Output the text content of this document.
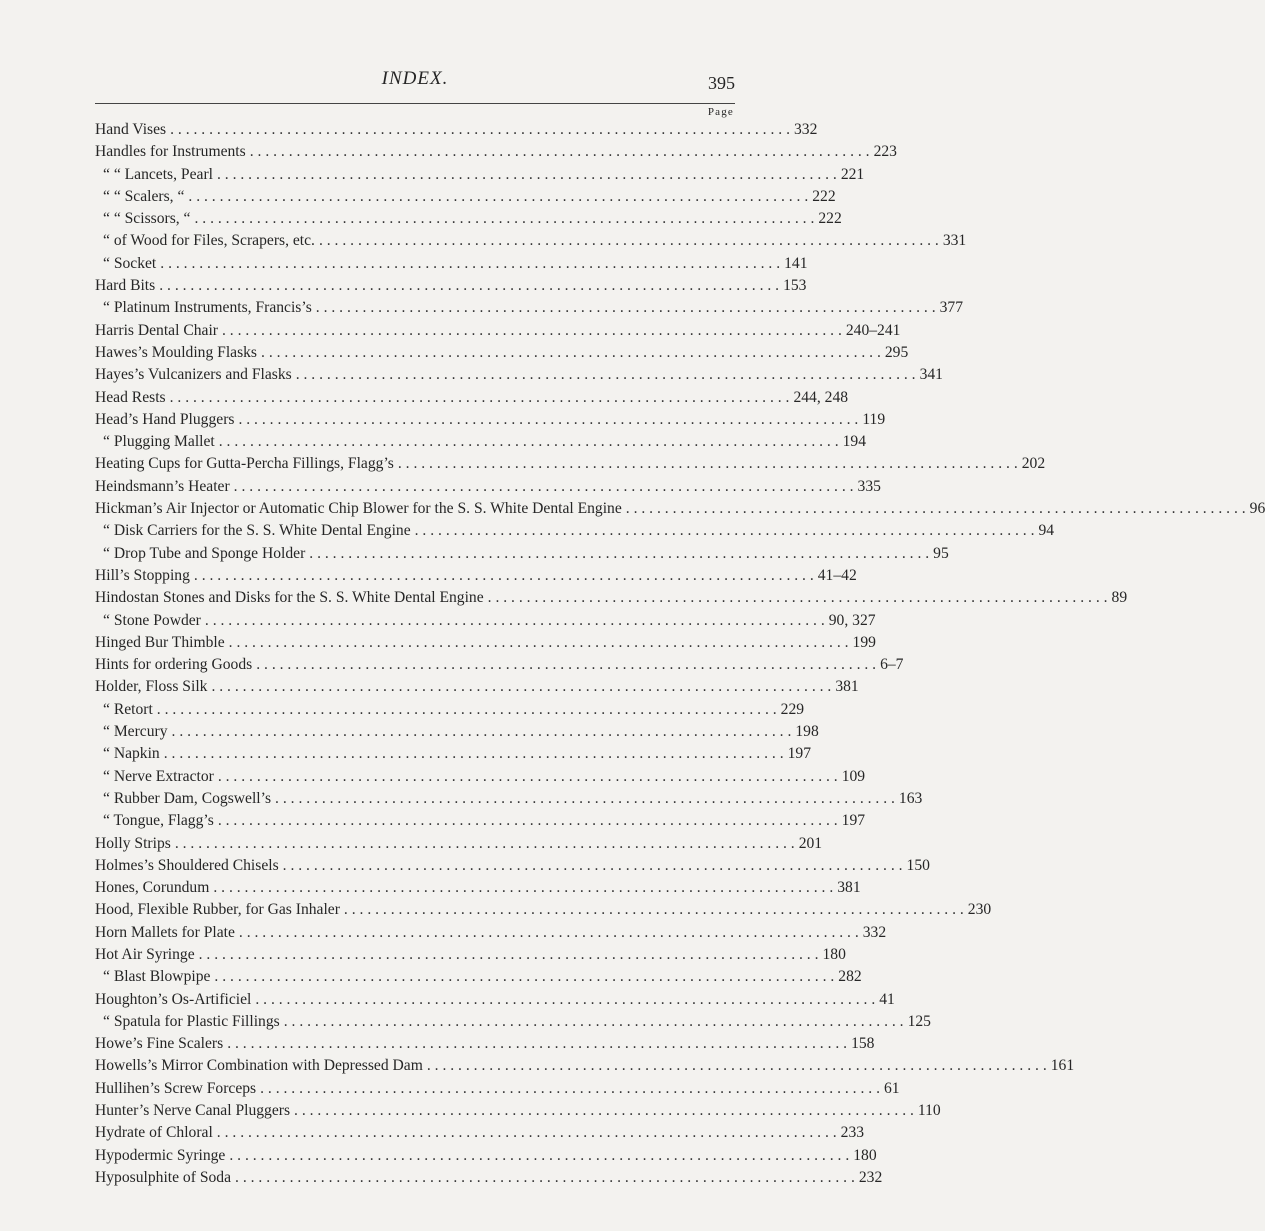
INDEX.	395
Page
Hand Vises . . . . . . . . . . . . . . . . . . . . . . . . . . . . . . . . . . . . . . . . . . . . . . . . . . . . . . . . . . . . . . . . . . . . . . . . . . . . . . . . 332
Handles for Instruments . . . . . . . . . . . . . . . . . . . . . . . . . . . . . . . . . . . . . . . . . . . . . . . . . . . . . . . . . . . . . . . . . . . . . . . . . . . . . . . . 223
“ “ Lancets, Pearl . . . . . . . . . . . . . . . . . . . . . . . . . . . . . . . . . . . . . . . . . . . . . . . . . . . . . . . . . . . . . . . . . . . . . . . . . . . . . . . . 221
“ “ Scalers, “ . . . . . . . . . . . . . . . . . . . . . . . . . . . . . . . . . . . . . . . . . . . . . . . . . . . . . . . . . . . . . . . . . . . . . . . . . . . . . . . . 222
“ “ Scissors, “ . . . . . . . . . . . . . . . . . . . . . . . . . . . . . . . . . . . . . . . . . . . . . . . . . . . . . . . . . . . . . . . . . . . . . . . . . . . . . . . . 222
“ of Wood for Files, Scrapers, etc. . . . . . . . . . . . . . . . . . . . . . . . . . . . . . . . . . . . . . . . . . . . . . . . . . . . . . . . . . . . . . . . . . . . . . . . . . . . . . . . . 331
“ Socket . . . . . . . . . . . . . . . . . . . . . . . . . . . . . . . . . . . . . . . . . . . . . . . . . . . . . . . . . . . . . . . . . . . . . . . . . . . . . . . . 141
Hard Bits . . . . . . . . . . . . . . . . . . . . . . . . . . . . . . . . . . . . . . . . . . . . . . . . . . . . . . . . . . . . . . . . . . . . . . . . . . . . . . . . 153
“ Platinum Instruments, Francis’s . . . . . . . . . . . . . . . . . . . . . . . . . . . . . . . . . . . . . . . . . . . . . . . . . . . . . . . . . . . . . . . . . . . . . . . . . . . . . . . . 377
Harris Dental Chair . . . . . . . . . . . . . . . . . . . . . . . . . . . . . . . . . . . . . . . . . . . . . . . . . . . . . . . . . . . . . . . . . . . . . . . . . . . . . . . . 240–241
Hawes’s Moulding Flasks . . . . . . . . . . . . . . . . . . . . . . . . . . . . . . . . . . . . . . . . . . . . . . . . . . . . . . . . . . . . . . . . . . . . . . . . . . . . . . . . 295
Hayes’s Vulcanizers and Flasks . . . . . . . . . . . . . . . . . . . . . . . . . . . . . . . . . . . . . . . . . . . . . . . . . . . . . . . . . . . . . . . . . . . . . . . . . . . . . . . . 341
Head Rests . . . . . . . . . . . . . . . . . . . . . . . . . . . . . . . . . . . . . . . . . . . . . . . . . . . . . . . . . . . . . . . . . . . . . . . . . . . . . . . . 244, 248
Head’s Hand Pluggers . . . . . . . . . . . . . . . . . . . . . . . . . . . . . . . . . . . . . . . . . . . . . . . . . . . . . . . . . . . . . . . . . . . . . . . . . . . . . . . . 119
“ Plugging Mallet . . . . . . . . . . . . . . . . . . . . . . . . . . . . . . . . . . . . . . . . . . . . . . . . . . . . . . . . . . . . . . . . . . . . . . . . . . . . . . . . 194
Heating Cups for Gutta-Percha Fillings, Flagg’s . . . . . . . . . . . . . . . . . . . . . . . . . . . . . . . . . . . . . . . . . . . . . . . . . . . . . . . . . . . . . . . . . . . . . . . . . . . . . . . . 202
Heindsmann’s Heater . . . . . . . . . . . . . . . . . . . . . . . . . . . . . . . . . . . . . . . . . . . . . . . . . . . . . . . . . . . . . . . . . . . . . . . . . . . . . . . . 335
Hickman’s Air Injector or Automatic Chip Blower for the S. S. White Dental Engine . . . . . . . . . . . . . . . . . . . . . . . . . . . . . . . . . . . . . . . . . . . . . . . . . . . . . . . . . . . . . . . . . . . . . . . . . . . . . . . . 96
“ Disk Carriers for the S. S. White Dental Engine . . . . . . . . . . . . . . . . . . . . . . . . . . . . . . . . . . . . . . . . . . . . . . . . . . . . . . . . . . . . . . . . . . . . . . . . . . . . . . . . 94
“ Drop Tube and Sponge Holder . . . . . . . . . . . . . . . . . . . . . . . . . . . . . . . . . . . . . . . . . . . . . . . . . . . . . . . . . . . . . . . . . . . . . . . . . . . . . . . . 95
Hill’s Stopping . . . . . . . . . . . . . . . . . . . . . . . . . . . . . . . . . . . . . . . . . . . . . . . . . . . . . . . . . . . . . . . . . . . . . . . . . . . . . . . . 41–42
Hindostan Stones and Disks for the S. S. White Dental Engine . . . . . . . . . . . . . . . . . . . . . . . . . . . . . . . . . . . . . . . . . . . . . . . . . . . . . . . . . . . . . . . . . . . . . . . . . . . . . . . . 89
“ Stone Powder . . . . . . . . . . . . . . . . . . . . . . . . . . . . . . . . . . . . . . . . . . . . . . . . . . . . . . . . . . . . . . . . . . . . . . . . . . . . . . . . 90, 327
Hinged Bur Thimble . . . . . . . . . . . . . . . . . . . . . . . . . . . . . . . . . . . . . . . . . . . . . . . . . . . . . . . . . . . . . . . . . . . . . . . . . . . . . . . . 199
Hints for ordering Goods . . . . . . . . . . . . . . . . . . . . . . . . . . . . . . . . . . . . . . . . . . . . . . . . . . . . . . . . . . . . . . . . . . . . . . . . . . . . . . . . 6–7
Holder, Floss Silk . . . . . . . . . . . . . . . . . . . . . . . . . . . . . . . . . . . . . . . . . . . . . . . . . . . . . . . . . . . . . . . . . . . . . . . . . . . . . . . . 381
“ Retort . . . . . . . . . . . . . . . . . . . . . . . . . . . . . . . . . . . . . . . . . . . . . . . . . . . . . . . . . . . . . . . . . . . . . . . . . . . . . . . . 229
“ Mercury . . . . . . . . . . . . . . . . . . . . . . . . . . . . . . . . . . . . . . . . . . . . . . . . . . . . . . . . . . . . . . . . . . . . . . . . . . . . . . . . 198
“ Napkin . . . . . . . . . . . . . . . . . . . . . . . . . . . . . . . . . . . . . . . . . . . . . . . . . . . . . . . . . . . . . . . . . . . . . . . . . . . . . . . . 197
“ Nerve Extractor . . . . . . . . . . . . . . . . . . . . . . . . . . . . . . . . . . . . . . . . . . . . . . . . . . . . . . . . . . . . . . . . . . . . . . . . . . . . . . . . 109
“ Rubber Dam, Cogswell’s . . . . . . . . . . . . . . . . . . . . . . . . . . . . . . . . . . . . . . . . . . . . . . . . . . . . . . . . . . . . . . . . . . . . . . . . . . . . . . . . 163
“ Tongue, Flagg’s . . . . . . . . . . . . . . . . . . . . . . . . . . . . . . . . . . . . . . . . . . . . . . . . . . . . . . . . . . . . . . . . . . . . . . . . . . . . . . . . 197
Holly Strips . . . . . . . . . . . . . . . . . . . . . . . . . . . . . . . . . . . . . . . . . . . . . . . . . . . . . . . . . . . . . . . . . . . . . . . . . . . . . . . . 201
Holmes’s Shouldered Chisels . . . . . . . . . . . . . . . . . . . . . . . . . . . . . . . . . . . . . . . . . . . . . . . . . . . . . . . . . . . . . . . . . . . . . . . . . . . . . . . . 150
Hones, Corundum . . . . . . . . . . . . . . . . . . . . . . . . . . . . . . . . . . . . . . . . . . . . . . . . . . . . . . . . . . . . . . . . . . . . . . . . . . . . . . . . 381
Hood, Flexible Rubber, for Gas Inhaler . . . . . . . . . . . . . . . . . . . . . . . . . . . . . . . . . . . . . . . . . . . . . . . . . . . . . . . . . . . . . . . . . . . . . . . . . . . . . . . . 230
Horn Mallets for Plate . . . . . . . . . . . . . . . . . . . . . . . . . . . . . . . . . . . . . . . . . . . . . . . . . . . . . . . . . . . . . . . . . . . . . . . . . . . . . . . . 332
Hot Air Syringe . . . . . . . . . . . . . . . . . . . . . . . . . . . . . . . . . . . . . . . . . . . . . . . . . . . . . . . . . . . . . . . . . . . . . . . . . . . . . . . . 180
“ Blast Blowpipe . . . . . . . . . . . . . . . . . . . . . . . . . . . . . . . . . . . . . . . . . . . . . . . . . . . . . . . . . . . . . . . . . . . . . . . . . . . . . . . . 282
Houghton’s Os-Artificiel . . . . . . . . . . . . . . . . . . . . . . . . . . . . . . . . . . . . . . . . . . . . . . . . . . . . . . . . . . . . . . . . . . . . . . . . . . . . . . . . 41
“ Spatula for Plastic Fillings . . . . . . . . . . . . . . . . . . . . . . . . . . . . . . . . . . . . . . . . . . . . . . . . . . . . . . . . . . . . . . . . . . . . . . . . . . . . . . . . 125
Howe’s Fine Scalers . . . . . . . . . . . . . . . . . . . . . . . . . . . . . . . . . . . . . . . . . . . . . . . . . . . . . . . . . . . . . . . . . . . . . . . . . . . . . . . . 158
Howells’s Mirror Combination with Depressed Dam . . . . . . . . . . . . . . . . . . . . . . . . . . . . . . . . . . . . . . . . . . . . . . . . . . . . . . . . . . . . . . . . . . . . . . . . . . . . . . . . 161
Hullihen’s Screw Forceps . . . . . . . . . . . . . . . . . . . . . . . . . . . . . . . . . . . . . . . . . . . . . . . . . . . . . . . . . . . . . . . . . . . . . . . . . . . . . . . . 61
Hunter’s Nerve Canal Pluggers . . . . . . . . . . . . . . . . . . . . . . . . . . . . . . . . . . . . . . . . . . . . . . . . . . . . . . . . . . . . . . . . . . . . . . . . . . . . . . . . 110
Hydrate of Chloral . . . . . . . . . . . . . . . . . . . . . . . . . . . . . . . . . . . . . . . . . . . . . . . . . . . . . . . . . . . . . . . . . . . . . . . . . . . . . . . . 233
Hypodermic Syringe . . . . . . . . . . . . . . . . . . . . . . . . . . . . . . . . . . . . . . . . . . . . . . . . . . . . . . . . . . . . . . . . . . . . . . . . . . . . . . . . 180
Hyposulphite of Soda . . . . . . . . . . . . . . . . . . . . . . . . . . . . . . . . . . . . . . . . . . . . . . . . . . . . . . . . . . . . . . . . . . . . . . . . . . . . . . . . 232
